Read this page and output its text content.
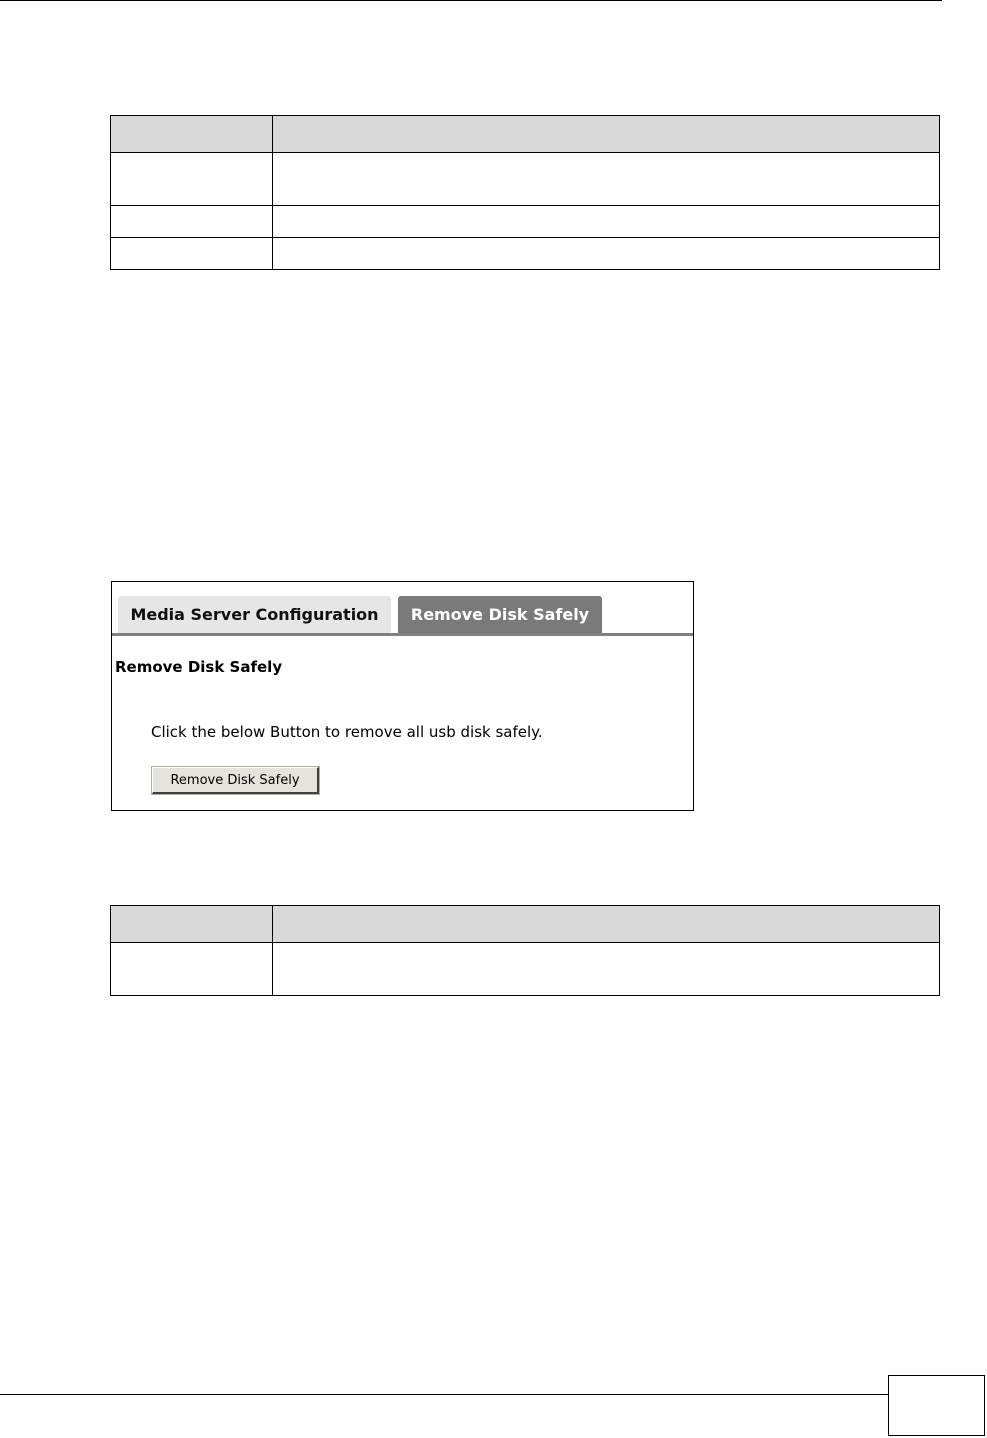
Media Server Configuration	Remove Disk Safely
Remove Disk Safely
Click the below Button to remove all usb disk safely.
Remove Disk Safely
